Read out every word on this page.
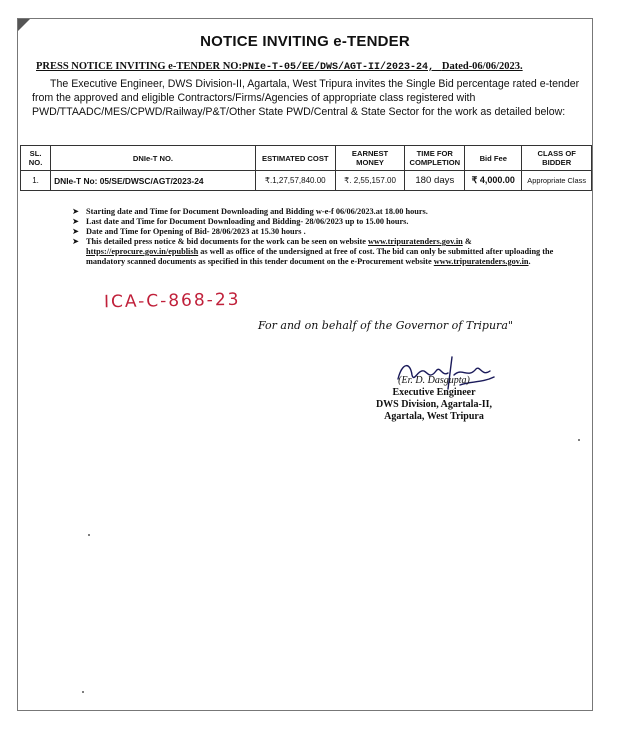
NOTICE INVITING e-TENDER
PRESS NOTICE INVITING e-TENDER NO:PNIe-T-05/EE/DWS/AGT-II/2023-24, Dated-06/06/2023.
The Executive Engineer, DWS Division-II, Agartala, West Tripura invites the Single Bid percentage rated e-tender from the approved and eligible Contractors/Firms/Agencies of appropriate class registered with PWD/TTAADC/MES/CPWD/Railway/P&T/Other State PWD/Central & State Sector for the work as detailed below:
SL. NO.	DNIe-T NO.	ESTIMATED COST	EARNEST MONEY	TIME FOR COMPLETION	Bid Fee	CLASS OF BIDDER
1.	DNIe-T No: 05/SE/DWSC/AGT/2023-24	₹.1,27,57,840.00	₹. 2,55,157.00	180 days	₹ 4,000.00	Appropriate Class
➤ Starting date and Time for Document Downloading and Bidding w-e-f 06/06/2023.at 18.00 hours.
➤ Last date and Time for Document Downloading and Bidding- 28/06/2023 up to 15.00 hours.
➤ Date and Time for Opening of Bid- 28/06/2023 at 15.30 hours .
➤ This detailed press notice & bid documents for the work can be seen on website www.tripuratenders.gov.in & https://eprocure.gov.in/epublish as well as office of the undersigned at free of cost. The bid can only be submitted after uploading the mandatory scanned documents as specified in this tender document on the e-Procurement website www.tripuratenders.gov.in.
ICA-C-868-23
For and on behalf of the Governor of Tripura"
(Er. D. Dasgupta)
Executive Engineer
DWS Division, Agartala-II,
Agartala, West Tripura
